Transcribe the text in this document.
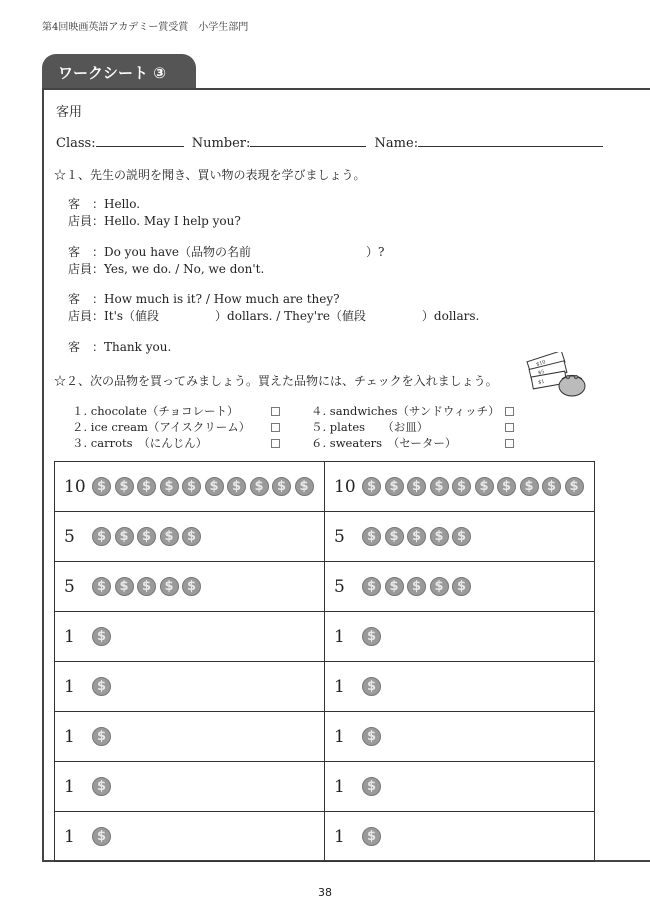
第4回映画英語アカデミー賞受賞　小学生部門
ワークシート ③
客用
Class:	Number:	Name:
☆１、先生の説明を聞き、買い物の表現を学びましょう。
客　：Hello.
店員：Hello. May I help you?
客　：Do you have（品物の名前	）?
店員：Yes, we do. / No, we don't.
客　：How much is it? / How much are they?
店員：It's（値段	）dollars. / They're（値段	）dollars.
客　：Thank you.
☆２、次の品物を買ってみましょう。買えた品物には、チェックを入れましょう。
$10
$5
$1
１. chocolate（チョコレート）
２. ice cream（アイスクリーム）
３. carrots　（にんじん）
４. sandwiches（サンドウィッチ）
５. plates　　（お皿）
６. sweaters　（セーター）
10 $ $ $ $ $ $ $ $ $ $	10 $ $ $ $ $ $ $ $ $ $
5 $ $ $ $ $	5 $ $ $ $ $
5 $ $ $ $ $	5 $ $ $ $ $
1 $	1 $
1 $	1 $
1 $	1 $
1 $	1 $
1 $	1 $
38
